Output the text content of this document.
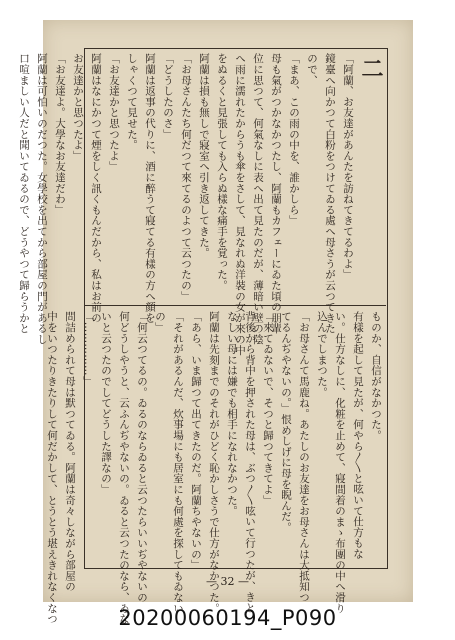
二
「阿蘭、お友達があんたを訪ねてきてるわよ」
鏡臺へ向かつて白粉をつけてゐる處へ母さうが云つてきた
ので、
「まあ、この雨の中を、誰かしら」
母も氣がつかなかつたし、阿蘭もカフェーにゐた頃の朋輩
位に思つて、何氣なしに表へ出て見たのだが、薄暗い壁の陰
へ雨に濡れたからうも傘をさして、見なれぬ洋裝の女が來の中
をぬるくと見張しても入らぬ樣な痛手を覚った。
阿蘭は損も無しで寢室へ引き返してきた。
「お母さんたち何だつて來てるのよつて云つたの」
「どうしたのさ」
阿蘭は返事の代りに、酒に醉うて寢てる有樣の方へ顔を
しゃくつて見せた。
「お友達かと思つたよ」
阿蘭はなにかつて煙をしく訊くもんだから、私はお前の
お友達かと思つたよ」
「お友達よ。大學なお友達だわ」
阿蘭は可怕いのだつた。女學校を出てから部屋の門があるし
口喧ましい人だと聞いてゐるので、どうやつて歸らうかと
ものか、自信がなかつた。
有樣を起して見たが、何やら〱と呟いて仕方もな
い。仕方なしに、化粧を止めて、寢間着のまゝ布團の中へ滑り
込んでしまつた。
「お母さんて馬鹿ね。あたしのお友達をお母さんは大抵知つ
てるんぢやないの。」恨めしげに母を睨んだ。
「來てゐないで、そつと歸つてきてよ」
背後から背中を押された母は、ぶつ〱呟いて行つたが、きと
なしい母には嫌でも相手になれなかつた。
阿蘭は先刻までのそれがひどく恥かしさうで仕方がなかつた。
「あら、いま歸つて出てきたのだ。阿蘭ちやないの」
「それがあるんだ、炊事場にも居室にも何處を探してもゐない
の」
「何云つてるの。ゐるのならゐると云つたらいいぢやないの
何どうしやうと、云ふんぢやないの。ゐると云つたのなら、ゐな
いと云つたのでしてどうした譯なの」
「……………」
問詰められて母は默つてゐる。阿蘭は奇々しながら部屋の
中をいつたりきたりして何だかして、とうとう堪えきれなくなつ	— 32 —
20200060194_P090
